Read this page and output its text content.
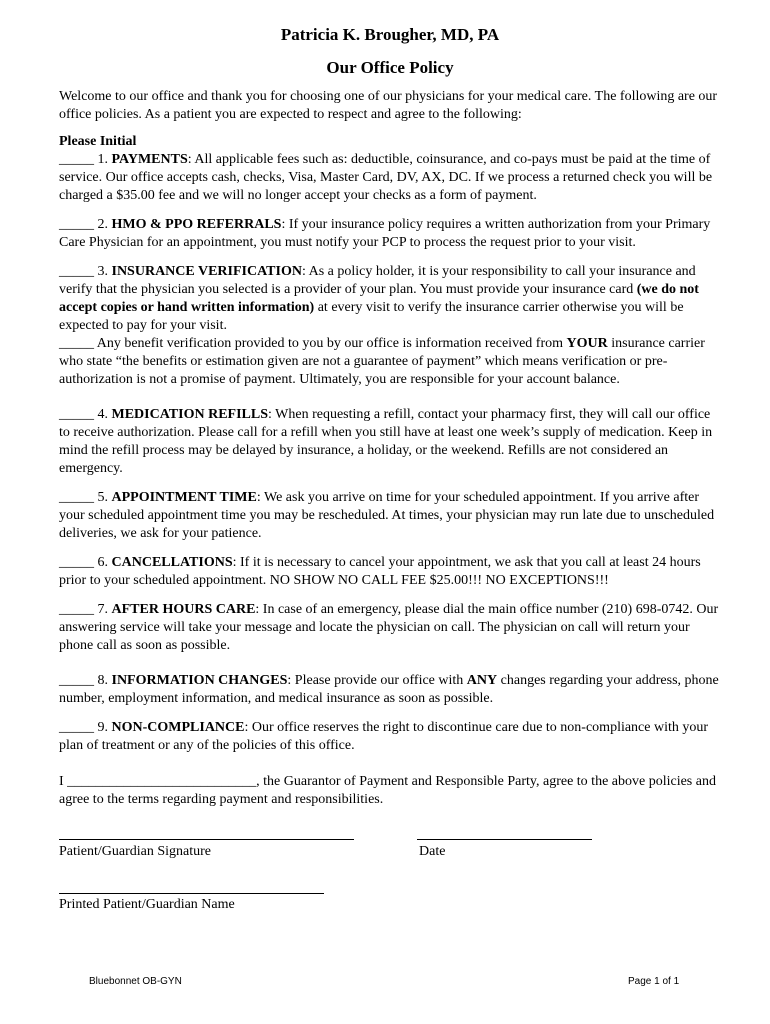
Patricia K. Brougher, MD, PA
Our Office Policy

Welcome to our office and thank you for choosing one of our physicians for your medical care. The following are our office policies. As a patient you are expected to respect and agree to the following:

Please Initial

_____ 1. PAYMENTS: All applicable fees such as: deductible, coinsurance, and co-pays must be paid at the time of service. Our office accepts cash, checks, Visa, Master Card, DV, AX, DC. If we process a returned check you will be charged a $35.00 fee and we will no longer accept your checks as a form of payment.

_____ 2. HMO & PPO REFERRALS: If your insurance policy requires a written authorization from your Primary Care Physician for an appointment, you must notify your PCP to process the request prior to your visit.

_____ 3. INSURANCE VERIFICATION: As a policy holder, it is your responsibility to call your insurance and verify that the physician you selected is a provider of your plan. You must provide your insurance card (we do not accept copies or hand written information) at every visit to verify the insurance carrier otherwise you will be expected to pay for your visit.

_____ Any benefit verification provided to you by our office is information received from YOUR insurance carrier who state “the benefits or estimation given are not a guarantee of payment” which means verification or pre-authorization is not a promise of payment. Ultimately, you are responsible for your account balance.

_____ 4. MEDICATION REFILLS: When requesting a refill, contact your pharmacy first, they will call our office to receive authorization. Please call for a refill when you still have at least one week’s supply of medication. Keep in mind the refill process may be delayed by insurance, a holiday, or the weekend. Refills are not considered an emergency.

_____ 5. APPOINTMENT TIME: We ask you arrive on time for your scheduled appointment. If you arrive after your scheduled appointment time you may be rescheduled. At times, your physician may run late due to unscheduled deliveries, we ask for your patience.

_____ 6. CANCELLATIONS: If it is necessary to cancel your appointment, we ask that you call at least 24 hours prior to your scheduled appointment. NO SHOW NO CALL FEE $25.00!!! NO EXCEPTIONS!!!

_____ 7. AFTER HOURS CARE: In case of an emergency, please dial the main office number (210) 698-0742. Our answering service will take your message and locate the physician on call. The physician on call will return your phone call as soon as possible.

_____ 8. INFORMATION CHANGES: Please provide our office with ANY changes regarding your address, phone number, employment information, and medical insurance as soon as possible.

_____ 9. NON-COMPLIANCE: Our office reserves the right to discontinue care due to non-compliance with your plan of treatment or any of the policies of this office.

I ___________________________, the Guarantor of Payment and Responsible Party, agree to the above policies and agree to the terms regarding payment and responsibilities.

Patient/Guardian Signature	Date
Printed Patient/Guardian Name
Bluebonnet OB-GYN	Page 1 of 1
